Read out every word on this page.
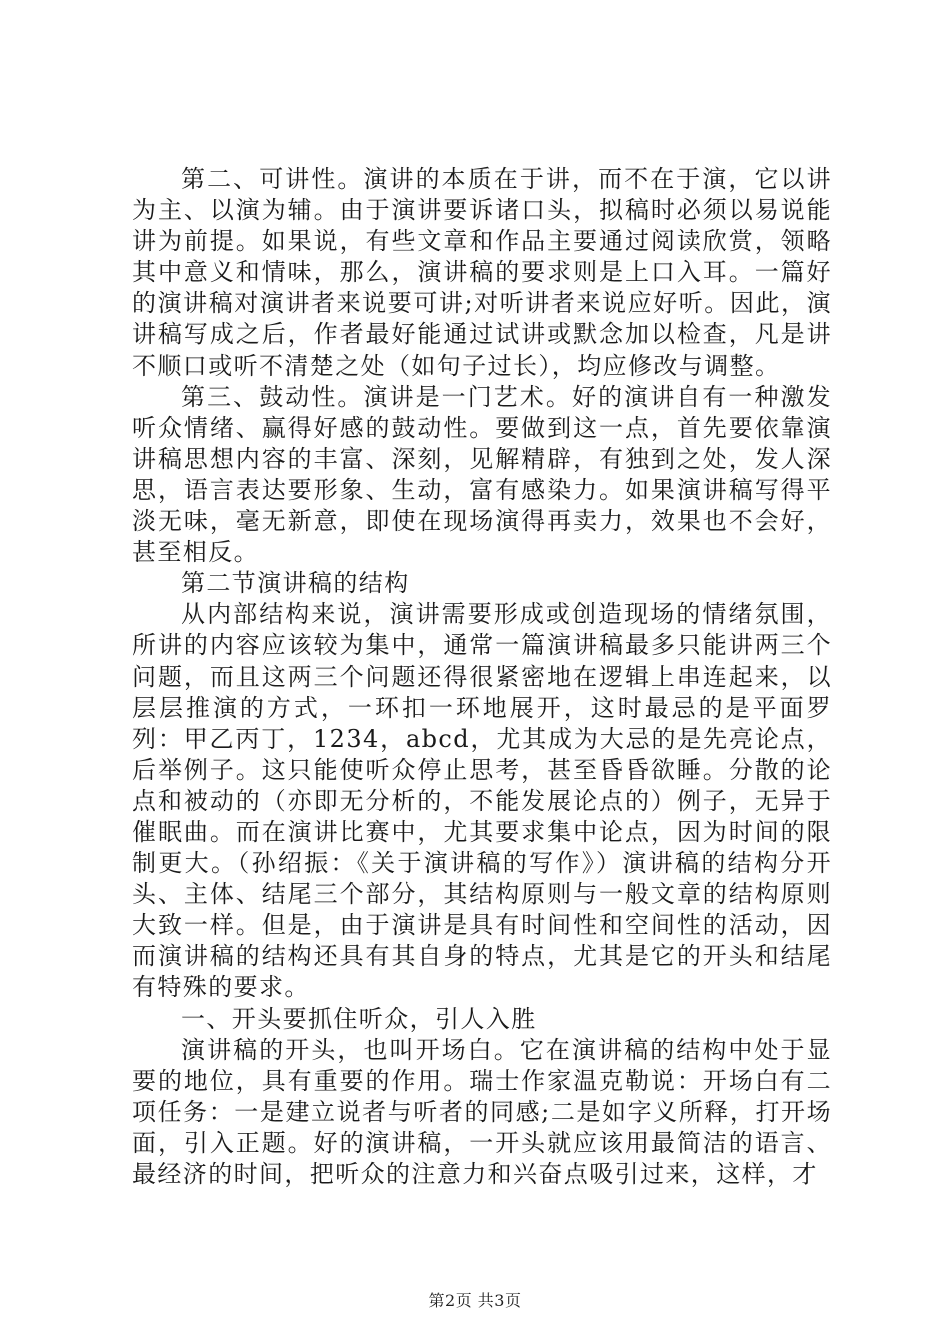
第二、可讲性。演讲的本质在于讲，而不在于演，它以讲为主、以演为辅。由于演讲要诉诸口头，拟稿时必须以易说能讲为前提。如果说，有些文章和作品主要通过阅读欣赏，领略其中意义和情味，那么，演讲稿的要求则是上口入耳。一篇好的演讲稿对演讲者来说要可讲;对听讲者来说应好听。因此，演讲稿写成之后，作者最好能通过试讲或默念加以检查，凡是讲不顺口或听不清楚之处（如句子过长），均应修改与调整。

第三、鼓动性。演讲是一门艺术。好的演讲自有一种激发听众情绪、赢得好感的鼓动性。要做到这一点，首先要依靠演讲稿思想内容的丰富、深刻，见解精辟，有独到之处，发人深思，语言表达要形象、生动，富有感染力。如果演讲稿写得平淡无味，毫无新意，即使在现场演得再卖力，效果也不会好，甚至相反。

第二节演讲稿的结构

从内部结构来说，演讲需要形成或创造现场的情绪氛围，所讲的内容应该较为集中，通常一篇演讲稿最多只能讲两三个问题，而且这两三个问题还得很紧密地在逻辑上串连起来，以层层推演的方式，一环扣一环地展开，这时最忌的是平面罗列：甲乙丙丁，1234，abcd，尤其成为大忌的是先亮论点，后举例子。这只能使听众停止思考，甚至昏昏欲睡。分散的论点和被动的（亦即无分析的，不能发展论点的）例子，无异于催眠曲。而在演讲比赛中，尤其要求集中论点，因为时间的限制更大。（孙绍振：《关于演讲稿的写作》）演讲稿的结构分开头、主体、结尾三个部分，其结构原则与一般文章的结构原则大致一样。但是，由于演讲是具有时间性和空间性的活动，因而演讲稿的结构还具有其自身的特点，尤其是它的开头和结尾有特殊的要求。

一、开头要抓住听众，引人入胜

演讲稿的开头，也叫开场白。它在演讲稿的结构中处于显要的地位，具有重要的作用。瑞士作家温克勒说：开场白有二项任务：一是建立说者与听者的同感;二是如字义所释，打开场面，引入正题。好的演讲稿，一开头就应该用最简洁的语言、最经济的时间，把听众的注意力和兴奋点吸引过来，这样，才

第2页 共3页
